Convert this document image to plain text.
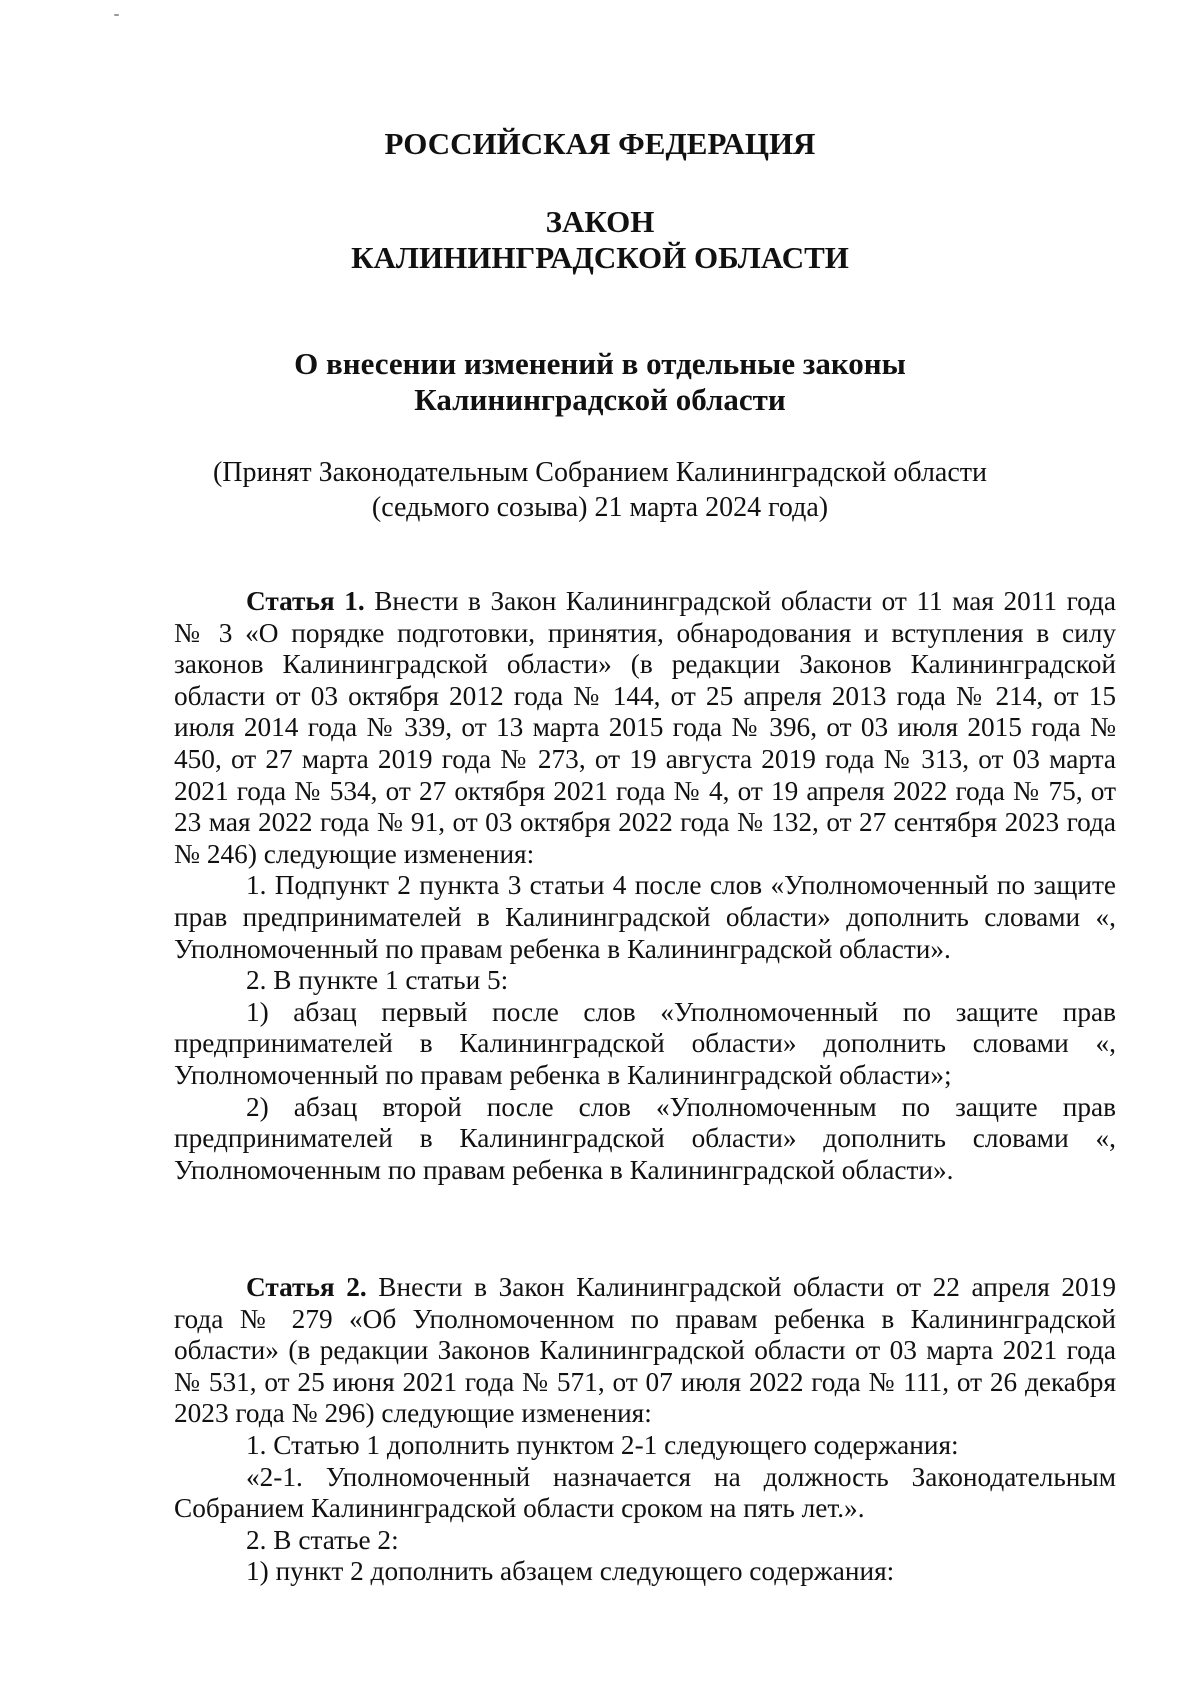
РОССИЙСКАЯ ФЕДЕРАЦИЯ
ЗАКОН
КАЛИНИНГРАДСКОЙ ОБЛАСТИ
О внесении изменений в отдельные законы
Калининградской области
(Принят Законодательным Собранием Калининградской области
(седьмого созыва) 21 марта 2024 года)

Статья 1. Внести в Закон Калининградской области от 11 мая 2011 года № 3 «О порядке подготовки, принятия, обнародования и вступления в силу законов Калининградской области» (в редакции Законов Калининградской области от 03 октября 2012 года № 144, от 25 апреля 2013 года № 214, от 15 июля 2014 года № 339, от 13 марта 2015 года № 396, от 03 июля 2015 года № 450, от 27 марта 2019 года № 273, от 19 августа 2019 года № 313, от 03 марта 2021 года № 534, от 27 октября 2021 года № 4, от 19 апреля 2022 года № 75, от 23 мая 2022 года № 91, от 03 октября 2022 года № 132, от 27 сентября 2023 года № 246) следующие изменения:

1. Подпункт 2 пункта 3 статьи 4 после слов «Уполномоченный по защите прав предпринимателей в Калининградской области» дополнить словами «, Уполномоченный по правам ребенка в Калининградской области».

2. В пункте 1 статьи 5:

1) абзац первый после слов «Уполномоченный по защите прав предпринимателей в Калининградской области» дополнить словами «, Уполномоченный по правам ребенка в Калининградской области»;

2) абзац второй после слов «Уполномоченным по защите прав предпринимателей в Калининградской области» дополнить словами «, Уполномоченным по правам ребенка в Калининградской области».

Статья 2. Внести в Закон Калининградской области от 22 апреля 2019 года № 279 «Об Уполномоченном по правам ребенка в Калининградской области» (в редакции Законов Калининградской области от 03 марта 2021 года № 531, от 25 июня 2021 года № 571, от 07 июля 2022 года № 111, от 26 декабря 2023 года № 296) следующие изменения:

1. Статью 1 дополнить пунктом 2-1 следующего содержания:

«2-1. Уполномоченный назначается на должность Законодательным Собранием Калининградской области сроком на пять лет.».

2. В статье 2:

1) пункт 2 дополнить абзацем следующего содержания:
